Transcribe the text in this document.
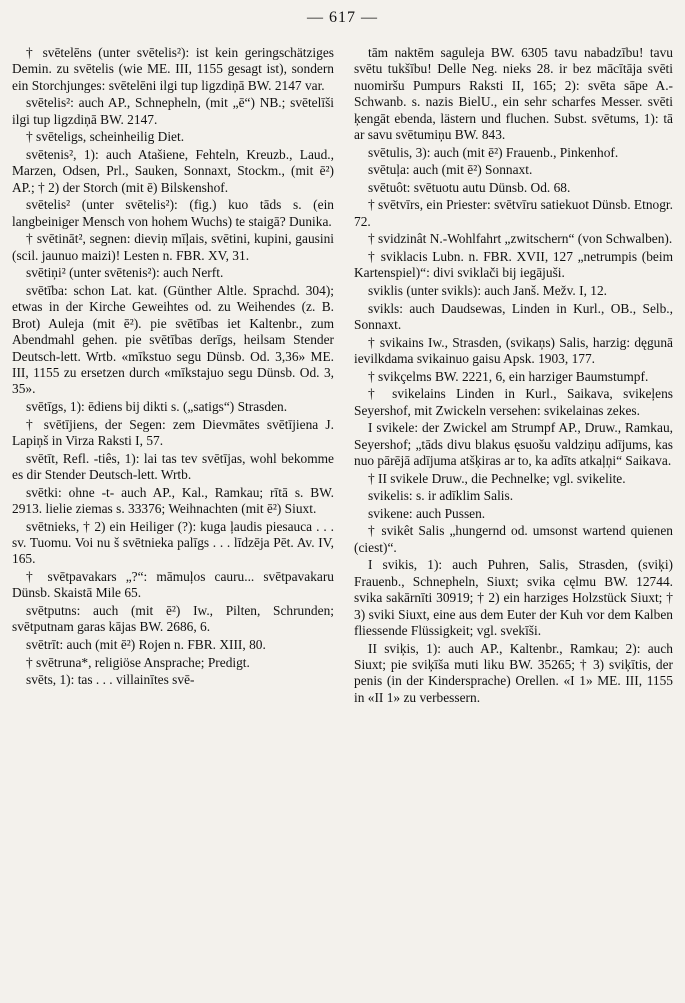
— 617 —

† svētelēns (unter svētelis²): ist kein geringschätziges Demin. zu svētelis (wie ME. III, 1155 gesagt ist), sondern ein Storchjunges: svētelēni ilgi tup ligzdiņā BW. 2147 var.

svētelis²: auch AP., Schnepheln, (mit „ē“) NB.; svētelīši ilgi tup ligzdiņā BW. 2147.

† svēteligs, scheinheilig Diet.

svētenis², 1): auch Atašiene, Fehteln, Kreuzb., Laud., Marzen, Odsen, Prl., Sauken, Sonnaxt, Stockm., (mit ē²) AP.; † 2) der Storch (mit ē) Bilskenshof.

svētelis² (unter svētelis²): (fig.) kuo tāds s. (ein langbeiniger Mensch von hohem Wuchs) te staigā? Dunika.

† svētināt², segnen: dieviņ mīļais, svētini, kupini, gausini (scil. jaunuo maizi)! Lesten n. FBR. XV, 31.

svētiņi² (unter svētenis²): auch Nerft.

svētība: schon Lat. kat. (Günther Altle. Sprachd. 304); etwas in der Kirche Geweihtes od. zu Weihendes (z. B. Brot) Auleja (mit ē²). pie svētības iet Kaltenbr., zum Abendmahl gehen. pie svētības derīgs, heilsam Stender Deutsch-lett. Wrtb. «mīkstuo segu Dünsb. Od. 3,36» ME. III, 1155 zu ersetzen durch «mīkstajuo segu Dünsb. Od. 3, 35».

svētīgs, 1): ēdiens bij dikti s. („satigs“) Strasden.

† svētījiens, der Segen: zem Dievmātes svētījiena J. Lapiņš in Virza Raksti I, 57.

svētīt, Refl. -tiês, 1): lai tas tev svētījas, wohl bekomme es dir Stender Deutsch-lett. Wrtb.

svētki: ohne -t- auch AP., Kal., Ramkau; rītā s. BW. 2913. lielie ziemas s. 33376; Weihnachten (mit ē²) Siuxt.

svētnieks, † 2) ein Heiliger (?): kuga ļaudis piesauca . . . sv. Tuomu. Voi nu š svētnieka palīgs . . . līdzēja Pēt. Av. IV, 165.

† svētpavakars „?“: māmuļos cauru... svētpavakaru Dünsb. Skaistā Mile 65.

svētputns: auch (mit ē²) Iw., Pilten, Schrunden; svētputnam garas kājas BW. 2686, 6.

svētrīt: auch (mit ē²) Rojen n. FBR. XIII, 80.

† svētruna*, religiöse Ansprache; Predigt.

svēts, 1): tas . . . villainītes svē-

tām naktēm saguleja BW. 6305 tavu nabadzību! tavu svētu tukšību! Delle Neg. nieks 28. ir bez mācītāja svēti nuomiršu Pumpurs Raksti II, 165; 2): svēta sāpe A.-Schwanb. s. nazis BielU., ein sehr scharfes Messer. svēti ķengāt ebenda, lästern und fluchen. Subst. svētums, 1): tā ar savu svētumiņu BW. 843.

svētulis, 3): auch (mit ē²) Frauenb., Pinkenhof.

svētuļa: auch (mit ē²) Sonnaxt.

svētuôt: svētuotu autu Dünsb. Od. 68.

† svētvīrs, ein Priester: svētvīru satiekuot Dünsb. Etnogr. 72.

† svidzinât N.-Wohlfahrt „zwitschern“ (von Schwalben).

† sviklacis Lubn. n. FBR. XVII, 127 „netrumpis (beim Kartenspiel)“: divi sviklači bij iegājuši.

sviklis (unter svikls): auch Janš. Mežv. I, 12.

svikls: auch Daudsewas, Linden in Kurl., OB., Selb., Sonnaxt.

† svikains Iw., Strasden, (svikaņs) Salis, harzig: dęgunā ievilkdama svikainuo gaisu Apsk. 1903, 177.

† svikçelms BW. 2221, 6, ein harziger Baumstumpf.

† svikelains Linden in Kurl., Saikava, svikeļens Seyershof, mit Zwickeln versehen: svikelainas zekes.

I svikele: der Zwickel am Strumpf AP., Druw., Ramkau, Seyershof; „tāds divu blakus ęsuošu valdziņu adījums, kas nuo pārējā adījuma atšķiras ar to, ka adīts atkaļņi“ Saikava.

† II svikele Druw., die Pechnelke; vgl. svikelite.

svikelis: s. ir adīklim Salis.

svikene: auch Pussen.

† svikêt Salis „hungernd od. umsonst wartend quienen (ciest)“.

I svikis, 1): auch Puhren, Salis, Strasden, (sviķi) Frauenb., Schnepheln, Siuxt; svika cęlmu BW. 12744. svika sakārnīti 30919; † 2) ein harziges Holzstück Siuxt; † 3) sviki Siuxt, eine aus dem Euter der Kuh vor dem Kalben fliessende Flüssigkeit; vgl. svekīši.

II sviķis, 1): auch AP., Kaltenbr., Ramkau; 2): auch Siuxt; pie sviķīša muti liku BW. 35265; † 3) sviķītis, der penis (in der Kindersprache) Orellen. «I 1» ME. III, 1155 in «II 1» zu verbessern.
